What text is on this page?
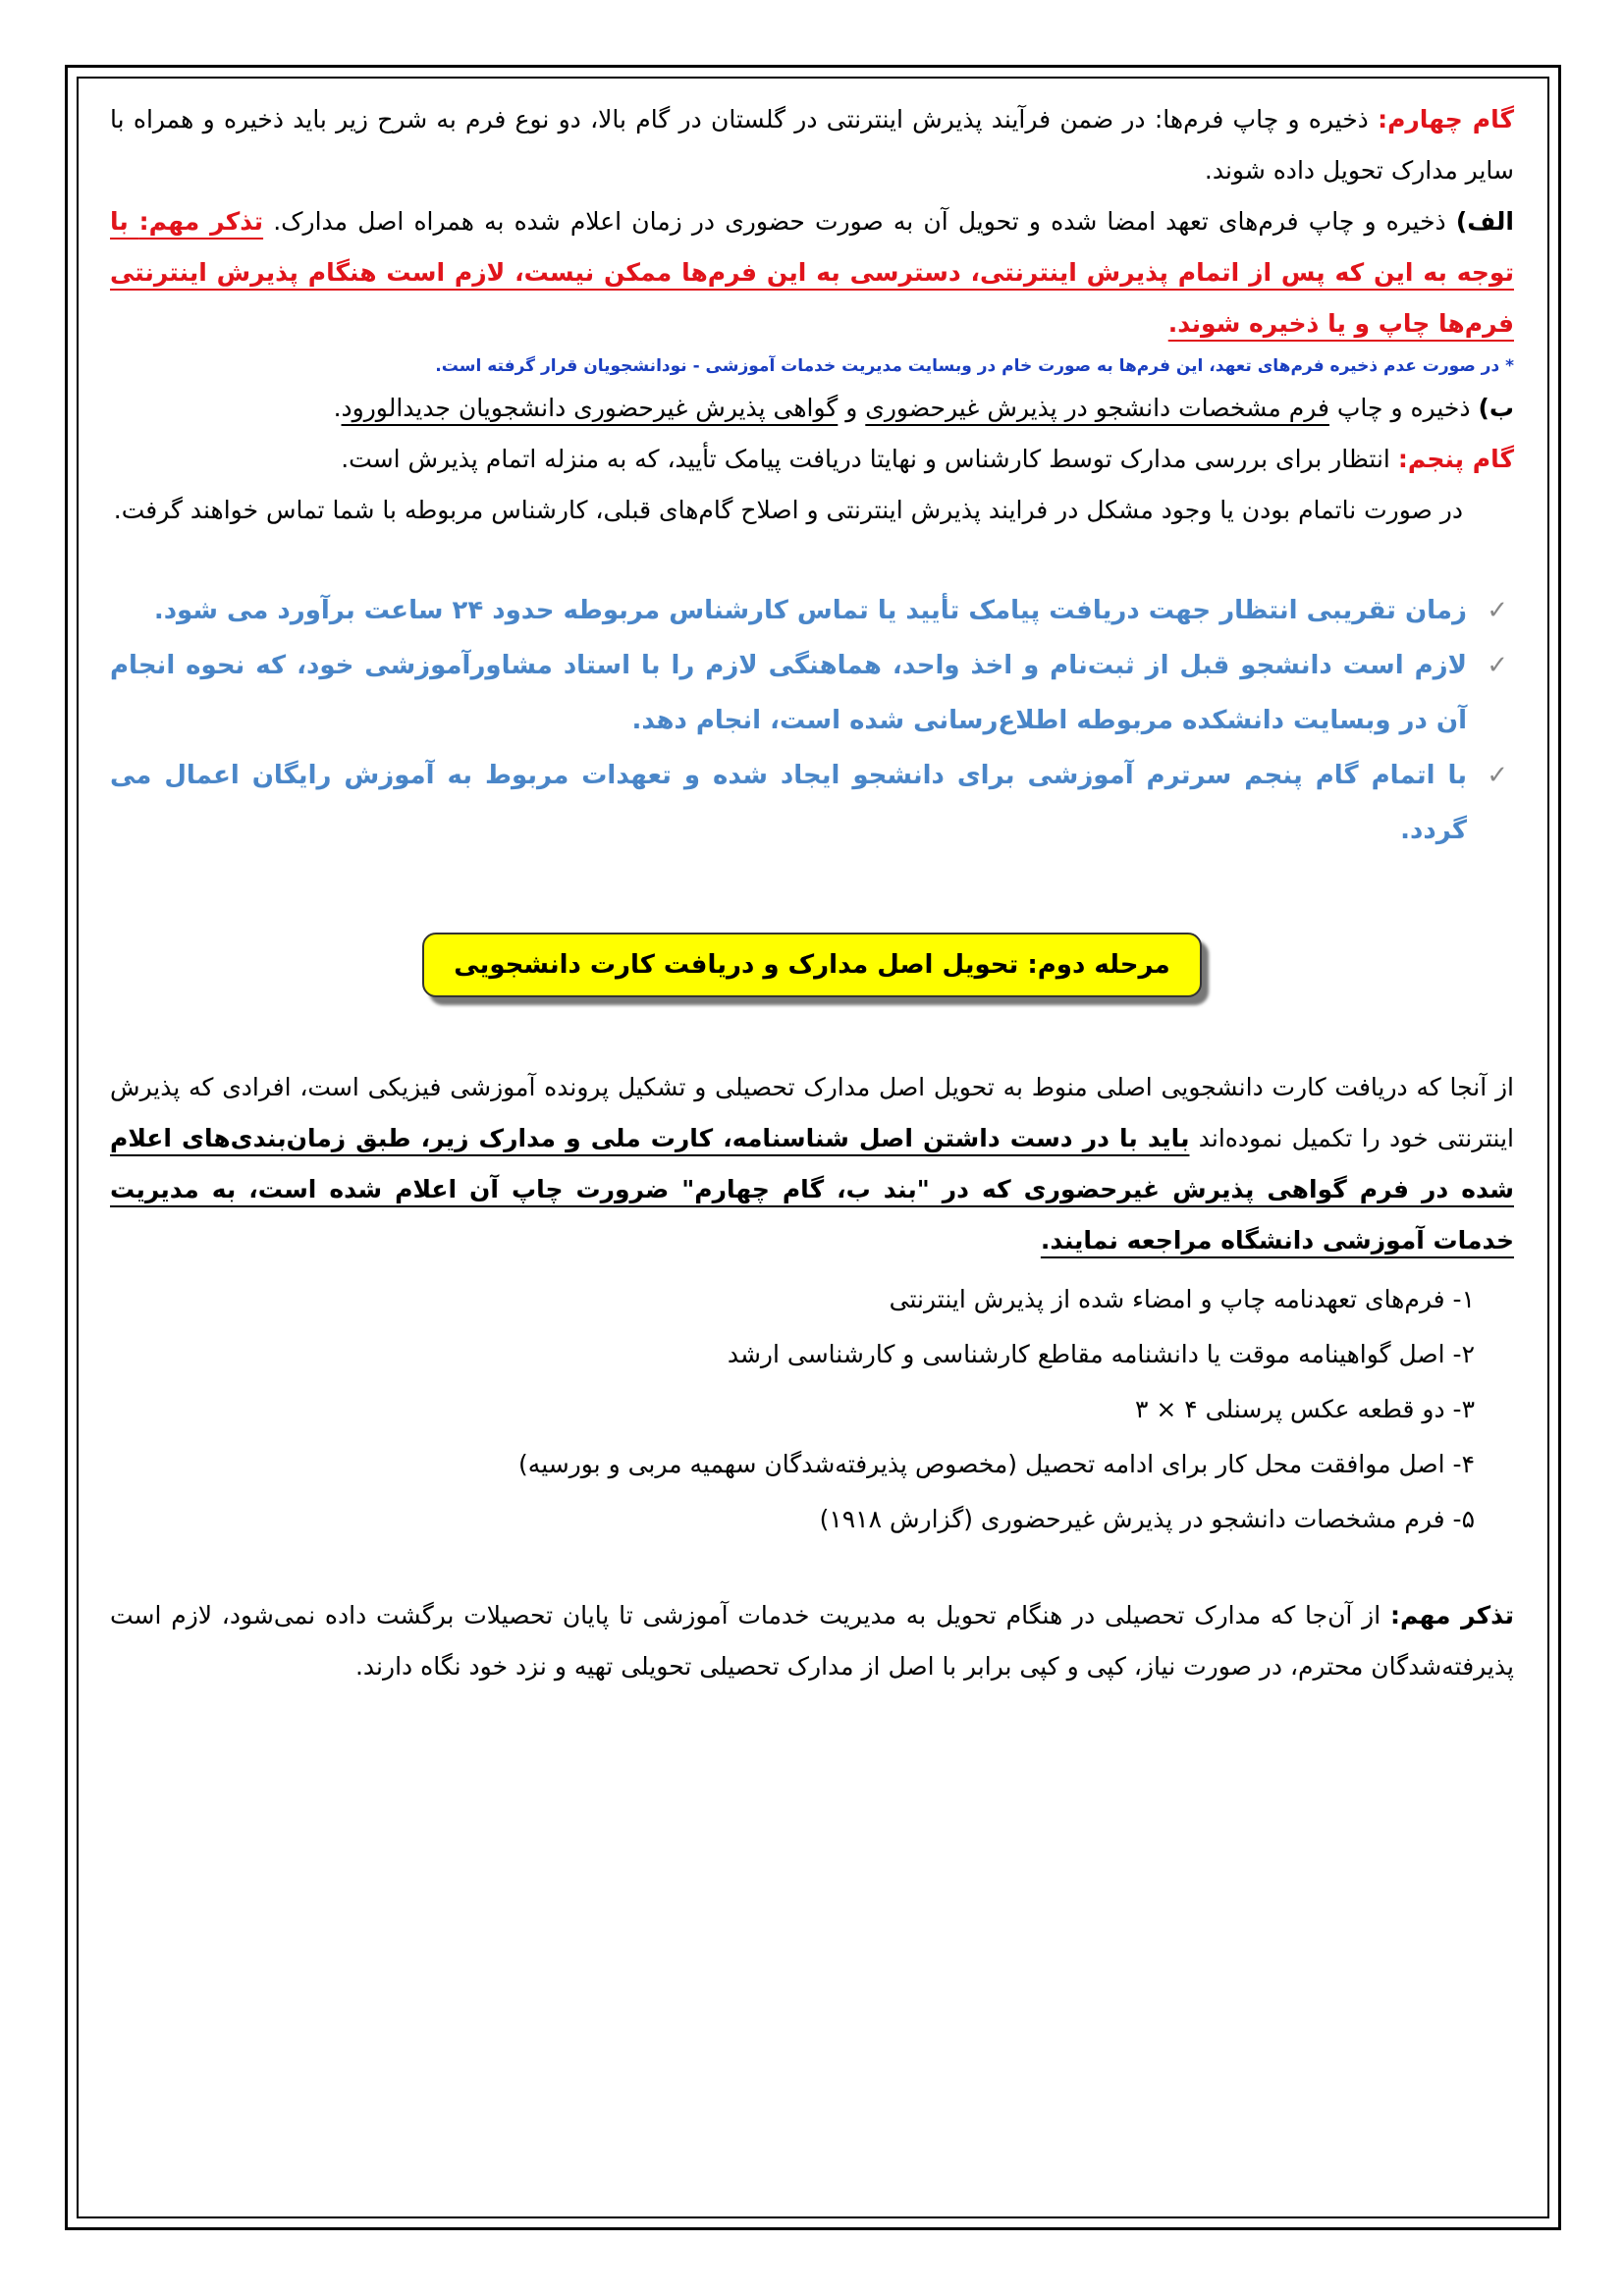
گام چهارم: ذخیره و چاپ فرم‌ها: در ضمن فرآیند پذیرش اینترنتی در گلستان در گام بالا، دو نوع فرم به شرح زیر باید ذخیره و همراه با سایر مدارک تحویل داده شوند.

الف) ذخیره و چاپ فرم‌های تعهد امضا شده و تحویل آن به صورت حضوری در زمان اعلام شده به همراه اصل مدارک. تذکر مهم: با توجه به این که پس از اتمام پذیرش اینترنتی، دسترسی به این فرم‌ها ممکن نیست، لازم است هنگام پذیرش اینترنتی فرم‌ها چاپ و یا ذخیره شوند.

* در صورت عدم ذخیره فرم‌های تعهد، این فرم‌ها به صورت خام در وبسایت مدیریت خدمات آموزشی - نودانشجویان قرار گرفته است.

ب) ذخیره و چاپ فرم مشخصات دانشجو در پذیرش غیرحضوری و گواهی پذیرش غیرحضوری دانشجویان جدیدالورود.

گام پنجم: انتظار برای بررسی مدارک توسط کارشناس و نهایتا دریافت پیامک تأیید، که به منزله اتمام پذیرش است.

در صورت ناتمام بودن یا وجود مشکل در فرایند پذیرش اینترنتی و اصلاح گام‌های قبلی، کارشناس مربوطه با شما تماس خواهند گرفت.

✓
زمان تقریبی انتظار جهت دریافت پیامک تأیید یا تماس کارشناس مربوطه حدود ۲۴ ساعت برآورد می شود.
✓
لازم است دانشجو قبل از ثبت‌نام و اخذ واحد، هماهنگی لازم را با استاد مشاورآموزشی خود، که نحوه انجام آن در وبسایت دانشکده مربوطه اطلاع‌رسانی شده است، انجام دهد.
✓
با اتمام گام پنجم سرترم آموزشی برای دانشجو ایجاد شده و تعهدات مربوط به آموزش رایگان اعمال می گردد.
مرحله دوم: تحویل اصل مدارک و دریافت کارت دانشجویی

از آنجا که دریافت کارت دانشجویی اصلی منوط به تحویل اصل مدارک تحصیلی و تشکیل پرونده آموزشی فیزیکی است، افرادی که پذیرش اینترنتی خود را تکمیل نموده‌اند باید با در دست داشتن اصل شناسنامه، کارت ملی و مدارک زیر، طبق زمان‌بندی‌های اعلام شده در فرم گواهی پذیرش غیرحضوری که در "بند ب، گام چهارم" ضرورت چاپ آن اعلام شده است، به مدیریت خدمات آموزشی دانشگاه مراجعه نمایند.

۱- فرم‌های تعهدنامه چاپ و امضاء شده از پذیرش اینترنتی
۲- اصل گواهینامه موقت یا دانشنامه مقاطع کارشناسی و کارشناسی ارشد
۳- دو قطعه عکس پرسنلی ۴ × ۳
۴- اصل موافقت محل کار برای ادامه تحصیل (مخصوص پذیرفته‌شدگان سهمیه مربی و بورسیه)
۵- فرم مشخصات دانشجو در پذیرش غیرحضوری (گزارش ۱۹۱۸)

تذکر مهم: از آن‌جا که مدارک تحصیلی در هنگام تحویل به مدیریت خدمات آموزشی تا پایان تحصیلات برگشت داده نمی‌شود، لازم است پذیرفته‌شدگان محترم، در صورت نیاز، کپی و کپی برابر با اصل از مدارک تحصیلی تحویلی تهیه و نزد خود نگاه دارند.
